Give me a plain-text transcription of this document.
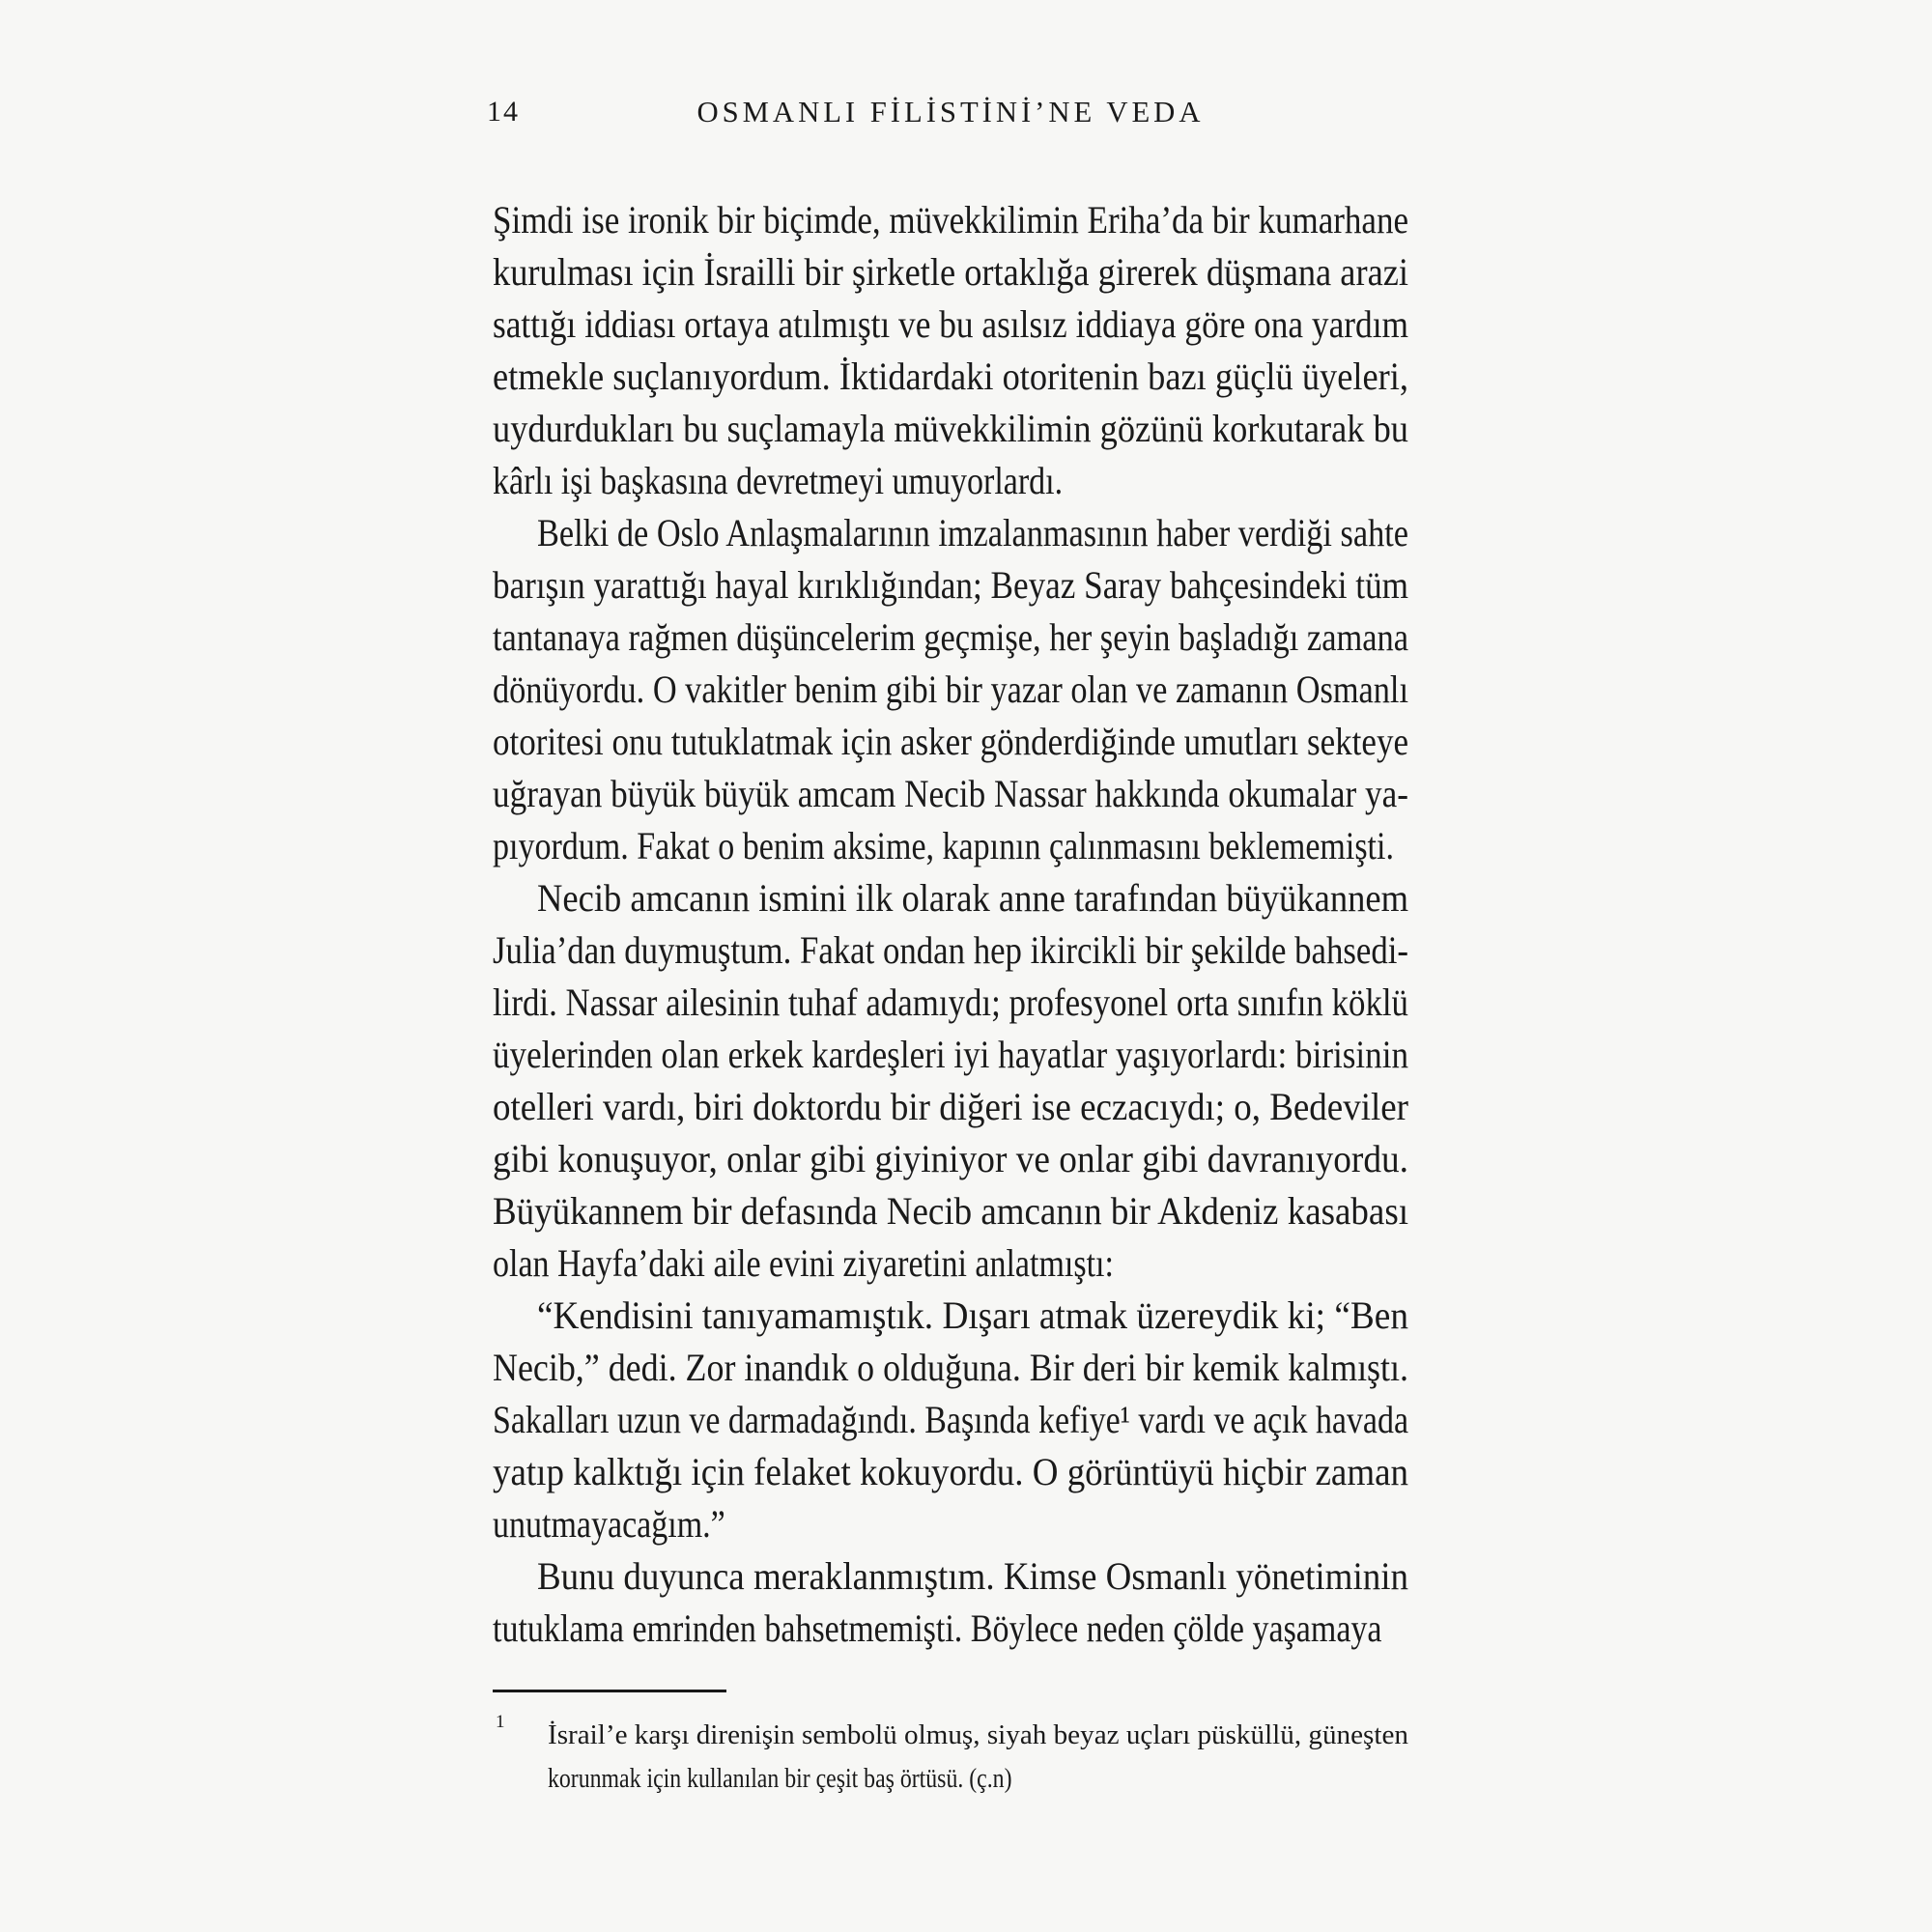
14	OSMANLI FİLİSTİNİ’NE VEDA
Şimdi ise ironik bir biçimde, müvekkilimin Eriha’da bir kumarhane
kurulması için İsrailli bir şirketle ortaklığa girerek düşmana arazi
sattığı iddiası ortaya atılmıştı ve bu asılsız iddiaya göre ona yardım
etmekle suçlanıyordum. İktidardaki otoritenin bazı güçlü üyeleri,
uydurdukları bu suçlamayla müvekkilimin gözünü korkutarak bu
kârlı işi başkasına devretmeyi umuyorlardı.
Belki de Oslo Anlaşmalarının imzalanmasının haber verdiği sahte
barışın yarattığı hayal kırıklığından; Beyaz Saray bahçesindeki tüm
tantanaya rağmen düşüncelerim geçmişe, her şeyin başladığı zamana
dönüyordu. O vakitler benim gibi bir yazar olan ve zamanın Osmanlı
otoritesi onu tutuklatmak için asker gönderdiğinde umutları sekteye
uğrayan büyük büyük amcam Necib Nassar hakkında okumalar ya-
pıyordum. Fakat o benim aksime, kapının çalınmasını beklememişti.
Necib amcanın ismini ilk olarak anne tarafından büyükannem
Julia’dan duymuştum. Fakat ondan hep ikircikli bir şekilde bahsedi-
lirdi. Nassar ailesinin tuhaf adamıydı; profesyonel orta sınıfın köklü
üyelerinden olan erkek kardeşleri iyi hayatlar yaşıyorlardı: birisinin
otelleri vardı, biri doktordu bir diğeri ise eczacıydı; o, Bedeviler
gibi konuşuyor, onlar gibi giyiniyor ve onlar gibi davranıyordu.
Büyükannem bir defasında Necib amcanın bir Akdeniz kasabası
olan Hayfa’daki aile evini ziyaretini anlatmıştı:
“Kendisini tanıyamamıştık. Dışarı atmak üzereydik ki; “Ben
Necib,” dedi. Zor inandık o olduğuna. Bir deri bir kemik kalmıştı.
Sakalları uzun ve darmadağındı. Başında kefiye¹ vardı ve açık havada
yatıp kalktığı için felaket kokuyordu. O görüntüyü hiçbir zaman
unutmayacağım.”
Bunu duyunca meraklanmıştım. Kimse Osmanlı yönetiminin
tutuklama emrinden bahsetmemişti. Böylece neden çölde yaşamaya
1 İsrail’e karşı direnişin sembolü olmuş, siyah beyaz uçları püsküllü, güneşten
korunmak için kullanılan bir çeşit baş örtüsü. (ç.n)
